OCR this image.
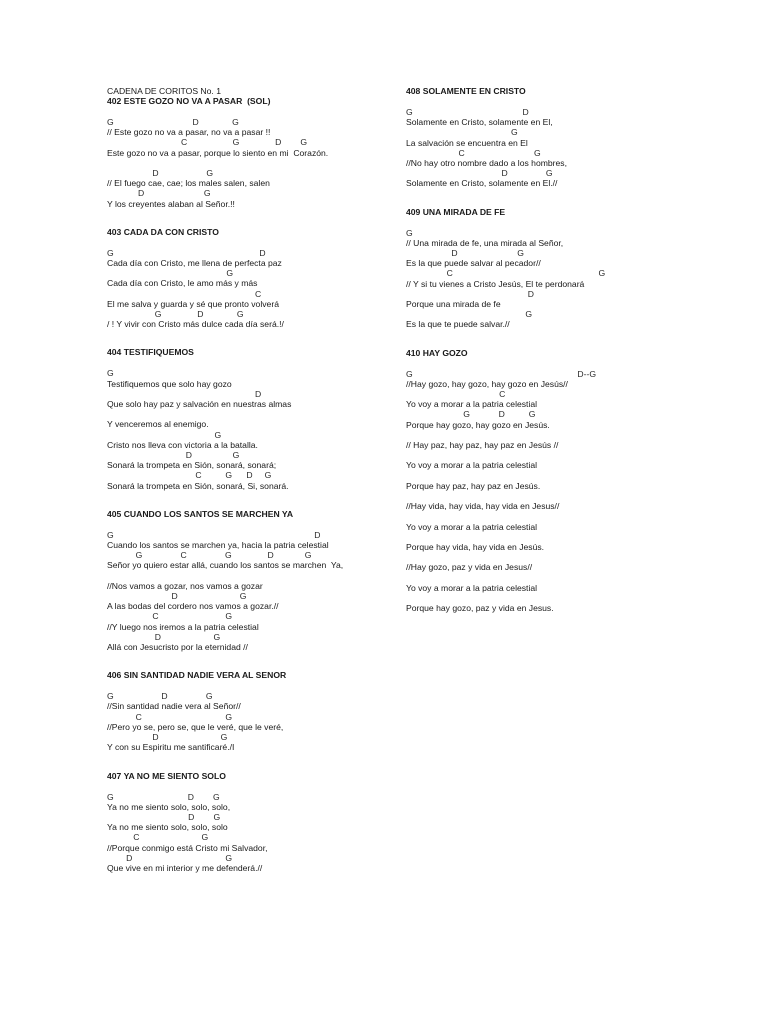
CADENA DE CORITOS No. 1
402 ESTE GOZO NO VA A PASAR  (SOL)
G                                 D              G
// Este gozo no va a pasar, no va a pasar !!
C                   G               D        G
Este gozo no va a pasar, porque lo siento en mi  Corazón.
D                    G
// El fuego cae, cae; los males salen, salen
D                         G
Y los creyentes alaban al Señor.!!
403 CADA DA CON CRISTO
G                                                             D
Cada día con Cristo, me llena de perfecta paz
G
Cada día con Cristo, le amo más y más
C
El me salva y guarda y sé que pronto volverá
G               D              G
/ ! Y vivir con Cristo más dulce cada día será.!/
404 TESTIFIQUEMOS
G
Testifiquemos que solo hay gozo
D
Que solo hay paz y salvación en nuestras almas
Y venceremos al enemigo.
G
Cristo nos lleva con victoria a la batalla.
D                 G
Sonará la trompeta en Sión, sonará, sonará;
C          G      D     G
Sonará la trompeta en Sión, sonará, Si, sonará.
405 CUANDO LOS SANTOS SE MARCHEN YA
G                                                                                    D
Cuando los santos se marchen ya, hacia la patria celestial
G                C                G               D             G
Señor yo quiero estar allá, cuando los santos se marchen  Ya,
//Nos vamos a gozar, nos vamos a gozar
D                          G
A las bodas del cordero nos vamos a gozar.//
C                            G
//Y luego nos iremos a la patria celestial
D                      G
Allá con Jesucristo por la eternidad //
406 SIN SANTIDAD NADIE VERA AL SENOR
G                    D                G
//Sin santidad nadie vera al Señor//
C                                   G
//Pero yo se, pero se, que le veré, que le veré,
D                          G
Y con su Espiritu me santificaré./I
407 YA NO ME SIENTO SOLO
G                               D        G
Ya no me siento solo, solo, solo,
D        G
Ya no me siento solo, solo, solo
C                          G
//Porque conmigo está Cristo mi Salvador,
D                                       G
Que vive en mi interior y me defenderá.//
408 SOLAMENTE EN CRISTO
G                                              D
Solamente en Cristo, solamente en El,
G
La salvación se encuentra en El
C                             G
//No hay otro nombre dado a los hombres,
D                G
Solamente en Cristo, solamente en El.//
409 UNA MIRADA DE FE
G
// Una mirada de fe, una mirada al Señor,
D                         G
Es la que puede salvar al pecador//
C                                                             G
// Y si tu vienes a Cristo Jesús, El te perdonará
D
Porque una mirada de fe
G
Es la que te puede salvar.//
410 HAY GOZO
G                                                                     D--G
//Hay gozo, hay gozo, hay gozo en Jesús//
C
Yo voy a morar a la patria celestial
G            D          G
Porque hay gozo, hay gozo en Jesús.
// Hay paz, hay paz, hay paz en Jesús //
Yo voy a morar a la patria celestial
Porque hay paz, hay paz en Jesús.
//Hay vida, hay vida, hay vida en Jesus//
Yo voy a morar a la patria celestial
Porque hay vida, hay vida en Jesús.
//Hay gozo, paz y vida en Jesus//
Yo voy a morar a la patria celestial
Porque hay gozo, paz y vida en Jesus.
